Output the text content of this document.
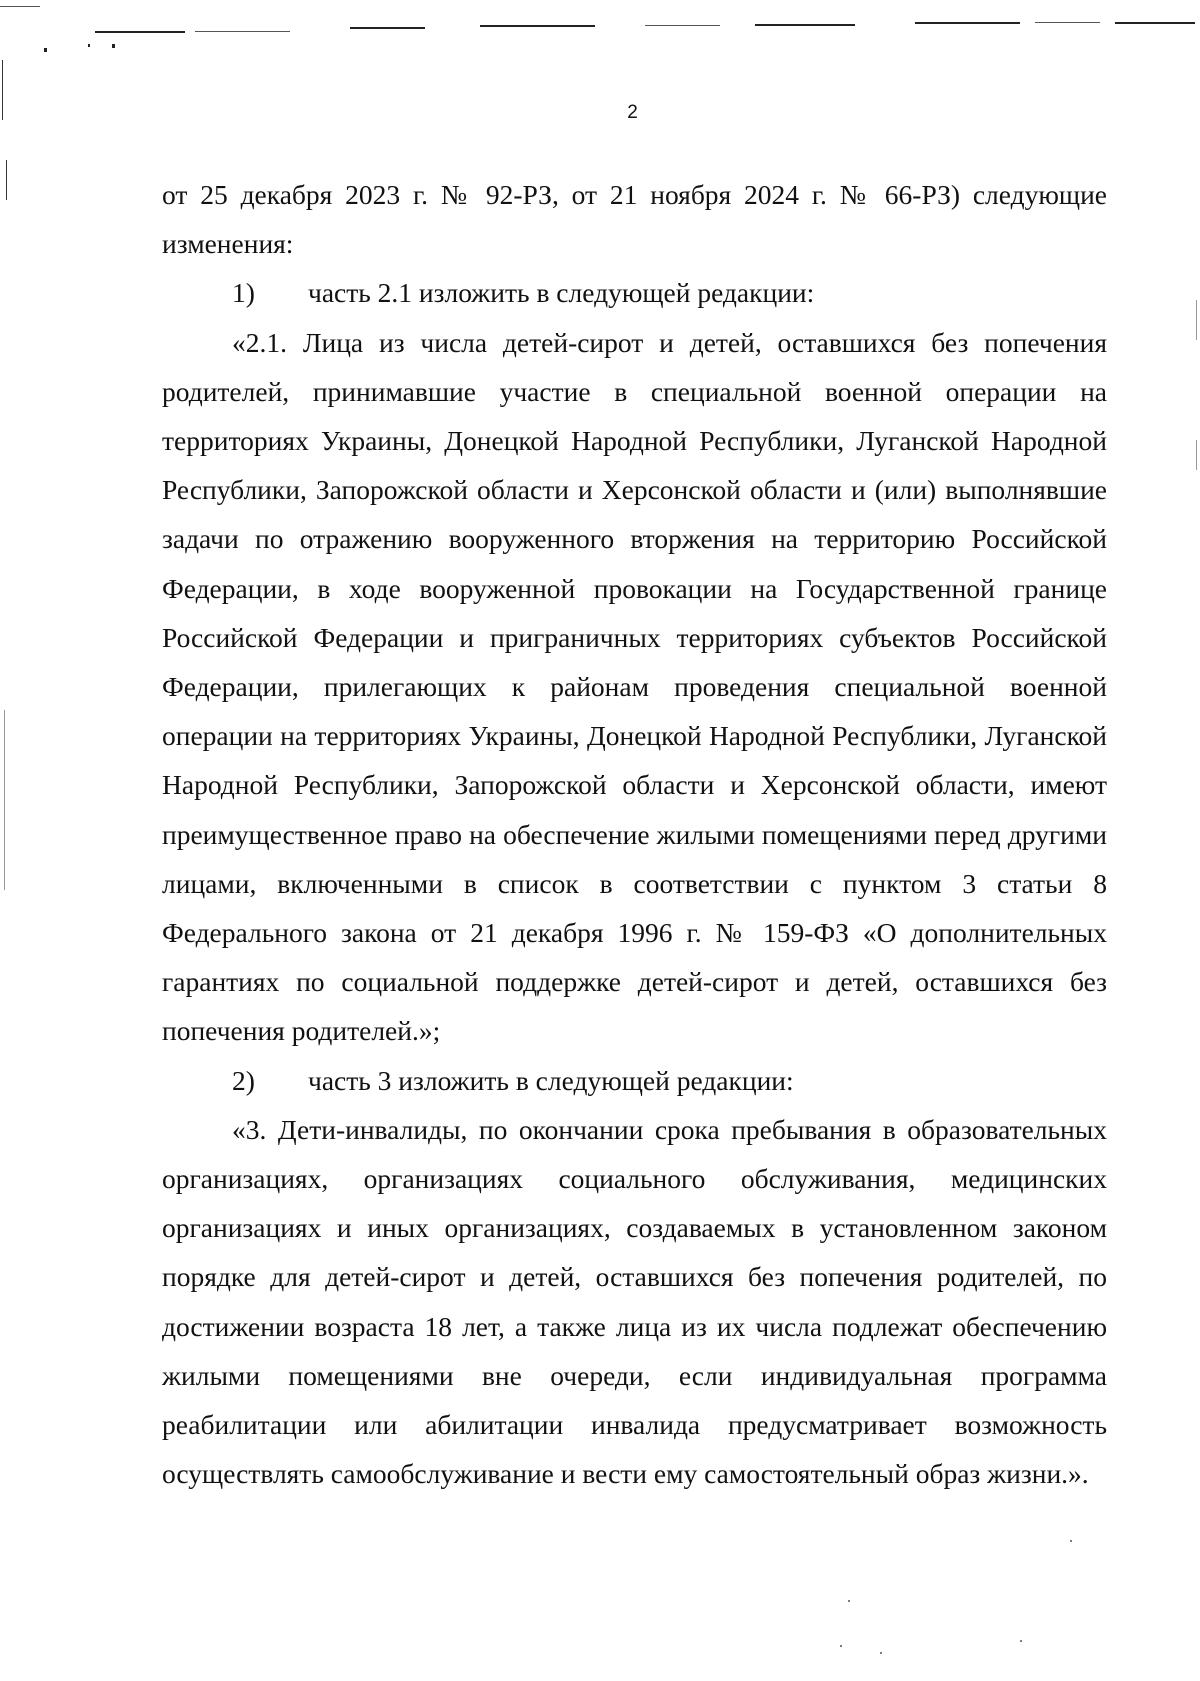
2

от 25 декабря 2023 г. № 92-РЗ, от 21 ноября 2024 г. № 66-РЗ) следующие изменения:

1) часть 2.1 изложить в следующей редакции:

«2.1. Лица из числа детей-сирот и детей, оставшихся без попечения родителей, принимавшие участие в специальной военной операции на территориях Украины, Донецкой Народной Республики, Луганской Народной Республики, Запорожской области и Херсонской области и (или) выполнявшие задачи по отражению вооруженного вторжения на территорию Российской Федерации, в ходе вооруженной провокации на Государственной границе Российской Федерации и приграничных территориях субъектов Российской Федерации, прилегающих к районам проведения специальной военной операции на территориях Украины, Донецкой Народной Республики, Луганской Народной Республики, Запорожской области и Херсонской области, имеют преимущественное право на обеспечение жилыми помещениями перед другими лицами, включенными в список в соответствии с пунктом 3 статьи 8 Федерального закона от 21 декабря 1996 г. № 159-ФЗ «О дополнительных гарантиях по социальной поддержке детей-сирот и детей, оставшихся без попечения родителей.»;

2) часть 3 изложить в следующей редакции:

«3. Дети-инвалиды, по окончании срока пребывания в образовательных организациях, организациях социального обслуживания, медицинских организациях и иных организациях, создаваемых в установленном законом порядке для детей-сирот и детей, оставшихся без попечения родителей, по достижении возраста 18 лет, а также лица из их числа подлежат обеспечению жилыми помещениями вне очереди, если индивидуальная программа реабилитации или абилитации инвалида предусматривает возможность осуществлять самообслуживание и вести ему самостоятельный образ жизни.».
